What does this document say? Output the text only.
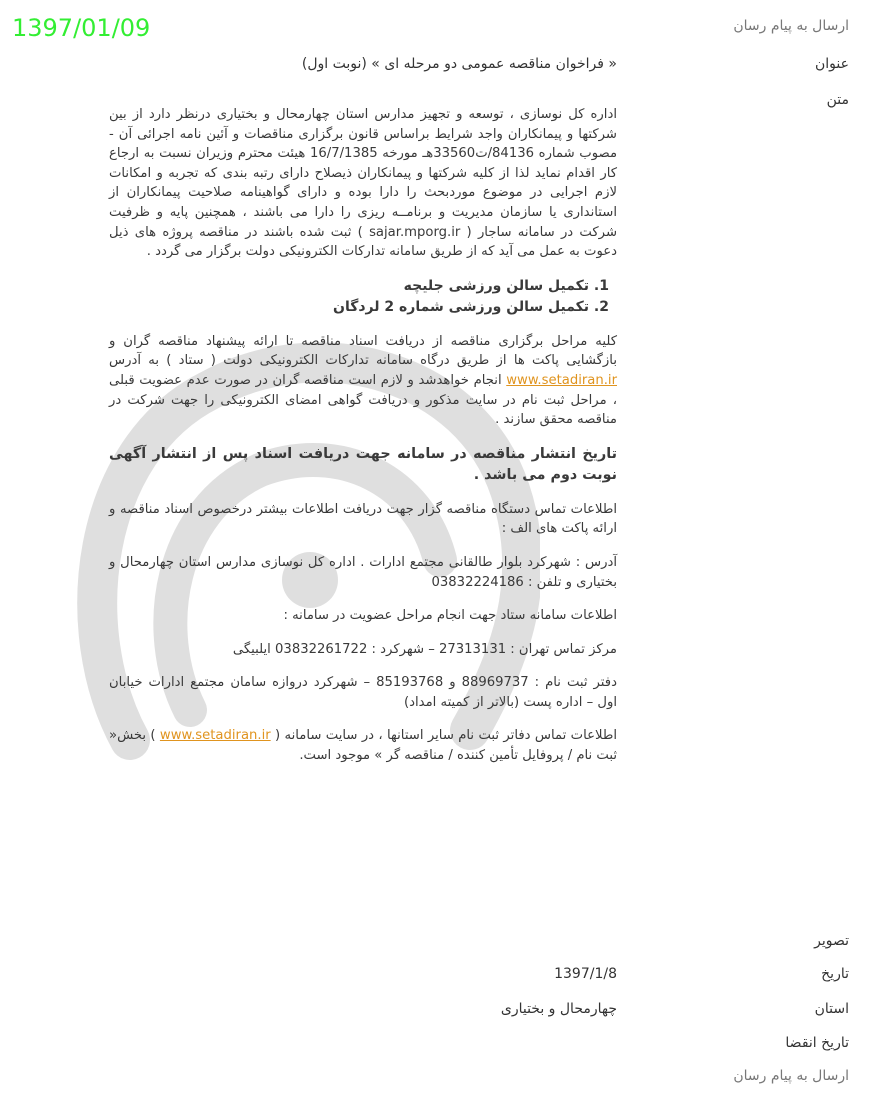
1397/01/09	ارسال به پیام رسان
عنوان
« فراخوان مناقصه عمومی دو مرحله ای » (نوبت اول)
متن

اداره کل نوسازی ، توسعه و تجهیز مدارس استان چهارمحال و بختیاری درنظر دارد از بین شرکتها و پیمانکاران واجد شرایط براساس قانون برگزاری مناقصات و آئین نامه اجرائی آن - مصوب شماره 84136/ت33560هـ مورخه 16/7/1385 هیئت محترم وزیران نسبت به ارجاع کار اقدام نماید لذا از کلیه شرکتها و پیمانکاران ذیصلاح دارای رتبه بندی که تجربه و امکانات لازم اجرایی در موضوع موردبحث را دارا بوده و دارای گواهینامه صلاحیت پیمانکاران از استانداری یا سازمان مدیریت و برنامــه ریزی را دارا می باشند ، همچنین پایه و ظرفیت شرکت در سامانه ساجار ( sajar.mporg.ir ) ثبت شده باشند در مناقصه پروژه های ذیل دعوت به عمل می آید که از طریق سامانه تدارکات الکترونیکی دولت برگزار می گردد .

1. تکمیل سالن ورزشی جلیچه
2. تکمیل سالن ورزشی شماره 2 لردگان

کلیه مراحل برگزاری مناقصه از دریافت اسناد مناقصه تا ارائه پیشنهاد مناقصه گران و بازگشایی پاکت ها از طریق درگاه سامانه تدارکات الکترونیکی دولت ( ستاد ) به آدرس www.setadiran.ir انجام خواهدشد و لازم است مناقصه گران در صورت عدم عضویت قبلی ، مراحل ثبت نام در سایت مذکور و دریافت گواهی امضای الکترونیکی را جهت شرکت در مناقصه محقق سازند .

تاریخ انتشار مناقصه در سامانه جهت دریافت اسناد پس از انتشار آگهی نوبت دوم می باشد .

اطلاعات تماس دستگاه مناقصه گزار جهت دریافت اطلاعات بیشتر درخصوص اسناد مناقصه و ارائه پاکت های الف :

آدرس : شهرکرد بلوار طالقانی مجتمع ادارات . اداره کل نوسازی مدارس استان چهارمحال و بختیاری و تلفن : 03832224186

اطلاعات سامانه ستاد جهت انجام مراحل عضویت در سامانه :

مرکز تماس تهران : 27313131 – شهرکرد : 03832261722 ایلبیگی

دفتر ثبت نام : 88969737 و 85193768 – شهرکرد دروازه سامان مجتمع ادارات خیابان اول – اداره پست (بالاتر از کمیته امداد)

اطلاعات تماس دفاتر ثبت نام سایر استانها ، در سایت سامانه ( www.setadiran.ir ) بخش« ثبت نام / پروفایل تأمین کننده / مناقصه گر » موجود است.

تصویر
تاریخ
1397/1/8
استان
چهارمحال و بختیاری
تاریخ انقضا
ارسال به پیام رسان
